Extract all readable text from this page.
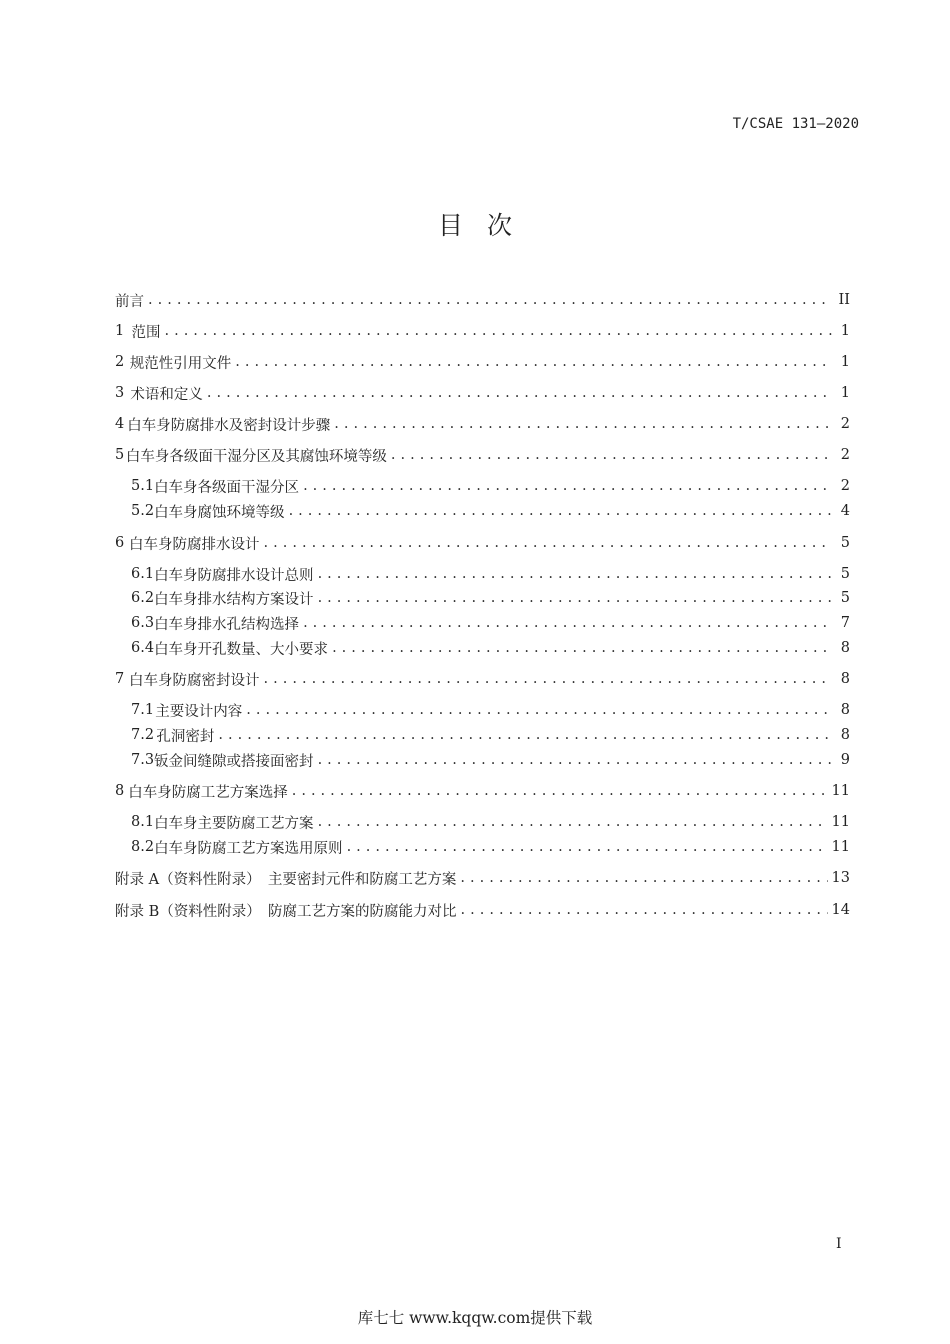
T/CSAE 131—2020
目次
前言 . . .	II
1 范围 . . .	1
2 规范性引用文件 . . .	1
3 术语和定义 . . .	1
4 白车身防腐排水及密封设计步骤 . . .	2
5 白车身各级面干湿分区及其腐蚀环境等级 . . .	2
5.1 白车身各级面干湿分区 . . .	2
5.2 白车身腐蚀环境等级 . . .	4
6 白车身防腐排水设计 . . .	5
6.1 白车身防腐排水设计总则 . . .	5
6.2 白车身排水结构方案设计 . . .	5
6.3 白车身排水孔结构选择 . . .	7
6.4 白车身开孔数量、大小要求 . . .	8
7 白车身防腐密封设计 . . .	8
7.1 主要设计内容 . . .	8
7.2 孔洞密封 . . .	8
7.3 钣金间缝隙或搭接面密封 . . .	9
8 白车身防腐工艺方案选择 . . .	11
8.1 白车身主要防腐工艺方案 . . .	11
8.2 白车身防腐工艺方案选用原则 . . .	11
附录 A（资料性附录）　主要密封元件和防腐工艺方案 . . .	13
附录 B（资料性附录）　防腐工艺方案的防腐能力对比 . . .	14
I
库七七 www.kqqw.com提供下载
